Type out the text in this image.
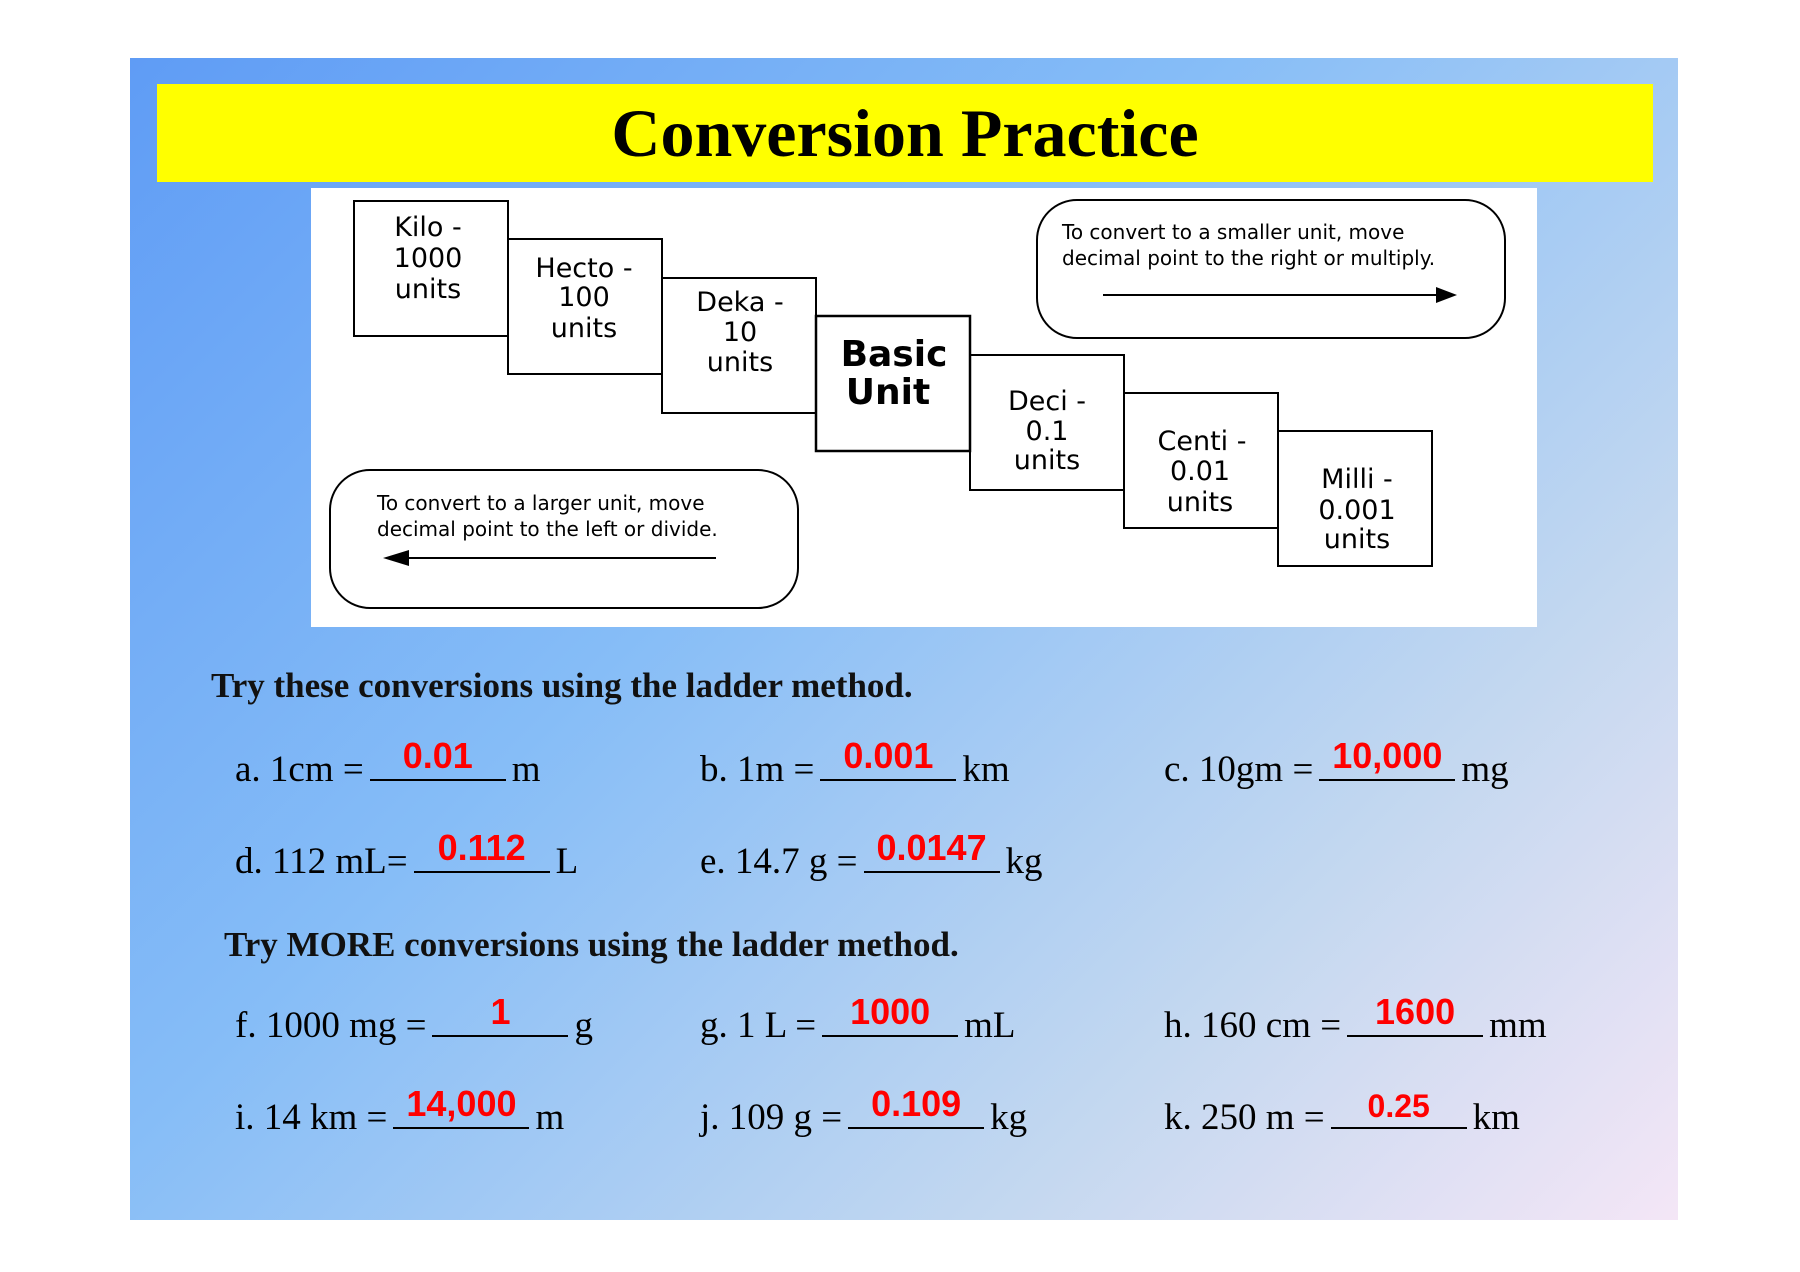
Conversion Practice
Kilo -
1000
units
Hecto -
100
units
Deka -
10
units Basic
Unit	Deci -
0.1
units
Centi -
0.01
units
Milli -
0.001
units
To convert to a smaller unit, move
decimal point to the right or multiply.
To convert to a larger unit, move
decimal point to the left or divide.
Try these conversions using the ladder method.
a. 1cm =	0.01	m	b. 1m = 0.001 km	c. 10gm = 10,000 mg
d. 112 mL= 0.112 L	e. 14.7 g = 0.0147 kg
Try MORE conversions using the ladder method.
f. 1000 mg =	1	g	g. 1 L = 1000 mL	h. 160 cm = 1600 mm
i. 14 km = 14,000 m	j. 109 g = 0.109 kg	k. 250 m =	0.25	km
